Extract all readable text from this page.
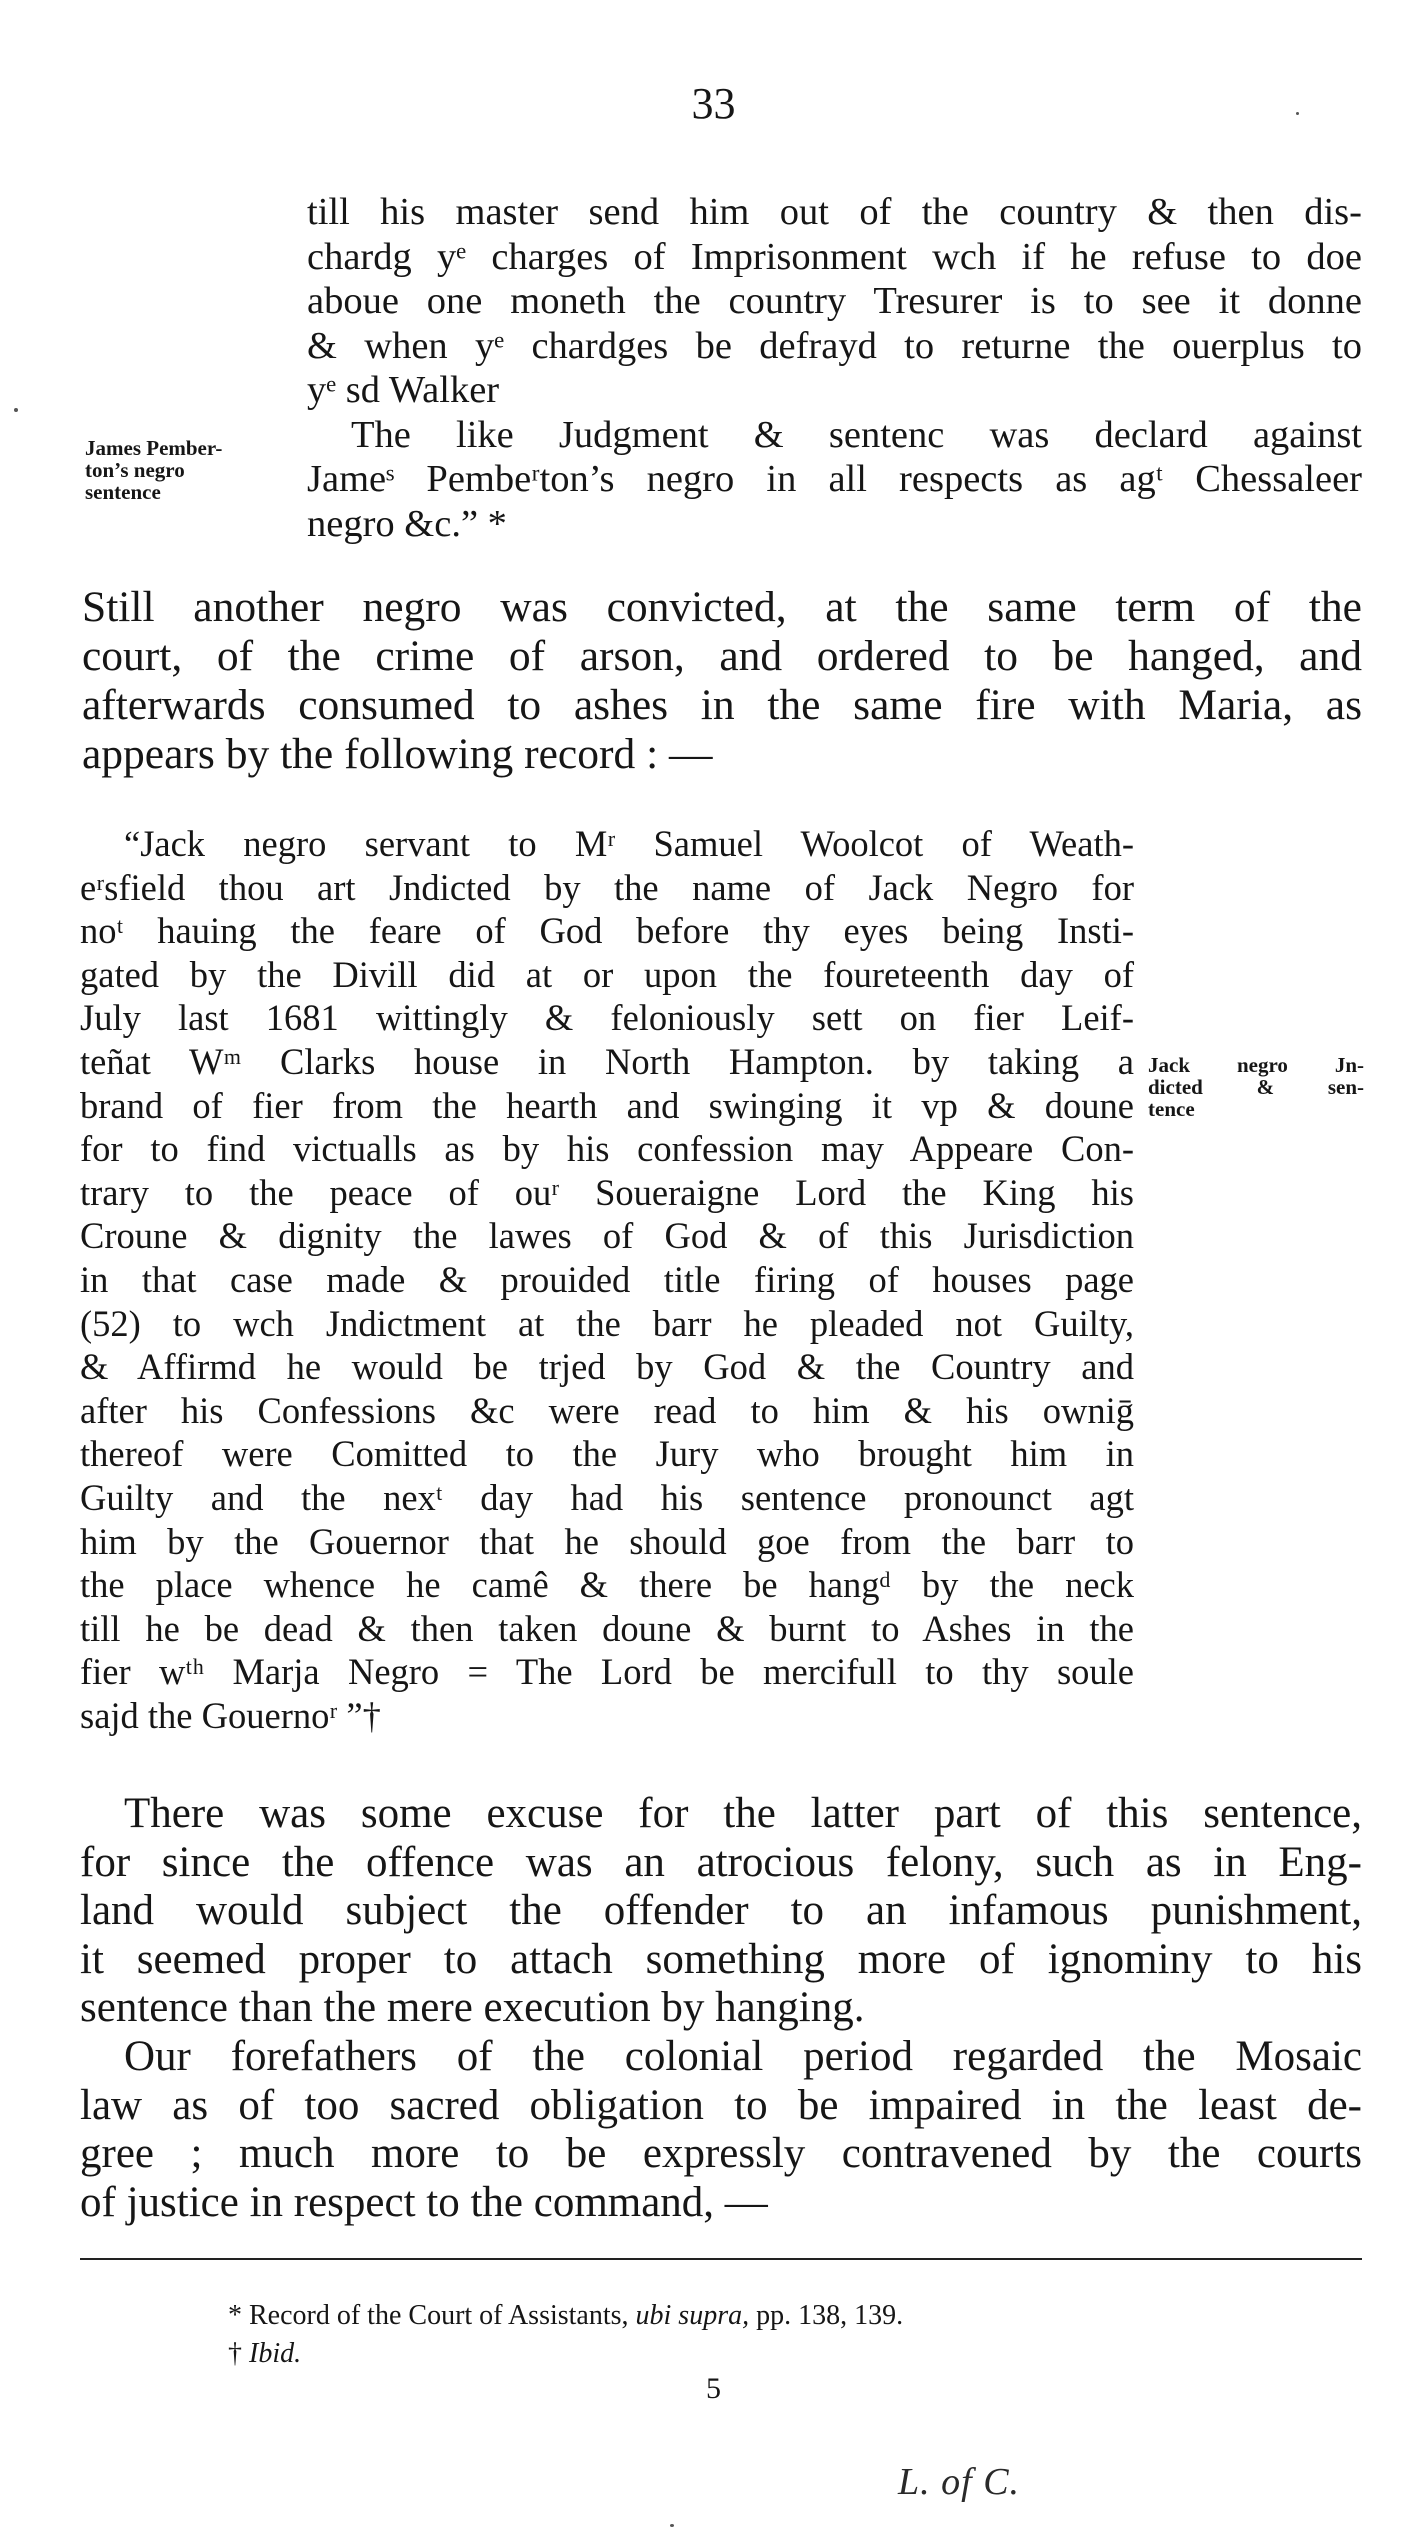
33
till his master send him out of the country & then dis-
chardg yᵉ charges of Imprisonment wch if he refuse to doe
aboue one moneth the country Tresurer is to see it donne
& when yᵉ chardges be defrayd to returne the ouerplus to
yᵉ sd Walker
The like Judgment & sentenc was declard against
Jameˢ Pembeʳton’s negro in all respects as agᵗ Chessaleer
negro &c.” *
James Pember-
ton’s negro
sentence
Still another negro was convicted, at the same term of the
court, of the crime of arson, and ordered to be hanged, and
afterwards consumed to ashes in the same fire with Maria, as
appears by the following record : —
“Jack negro servant to Mʳ Samuel Woolcot of Weath-
eʳsfield thou art Jndicted by the name of Jack Negro for
noᵗ hauing the feare of God before thy eyes being Insti-
gated by the Divill did at or upon the foureteenth day of
July last 1681 wittingly & feloniously sett on fier Leif-
teñat Wᵐ Clarks house in North Hampton. by taking a
brand of fier from the hearth and swinging it vp & doune
for to find victualls as by his confession may Appeare Con-
trary to the peace of ouʳ Soueraigne Lord the King his
Croune & dignity the lawes of God & of this Jurisdiction
in that case made & prouided title firing of houses page
(52) to wch Jndictment at the barr he pleaded not Guilty,
& Affirmd he would be trjed by God & the Country and
after his Confessions &c were read to him & his owniḡ
thereof were Comitted to the Jury who brought him in
Guilty and the nexᵗ day had his sentence pronounct agt
him by the Gouernor that he should goe from the barr to
the place whence he camê & there be hangᵈ by the neck
till he be dead & then taken doune & burnt to Ashes in the
fier wᵗʰ Marja Negro = The Lord be mercifull to thy soule
sajd the Gouernoʳ ”†
Jack negro Jn-
dicted & sen-
tence
There was some excuse for the latter part of this sentence,
for since the offence was an atrocious felony, such as in Eng-
land would subject the offender to an infamous punishment,
it seemed proper to attach something more of ignominy to his
sentence than the mere execution by hanging.
Our forefathers of the colonial period regarded the Mosaic
law as of too sacred obligation to be impaired in the least de-
gree ; much more to be expressly contravened by the courts
of justice in respect to the command, —
* Record of the Court of Assistants, ubi supra, pp. 138, 139.
† Ibid.
5
L. of C.
